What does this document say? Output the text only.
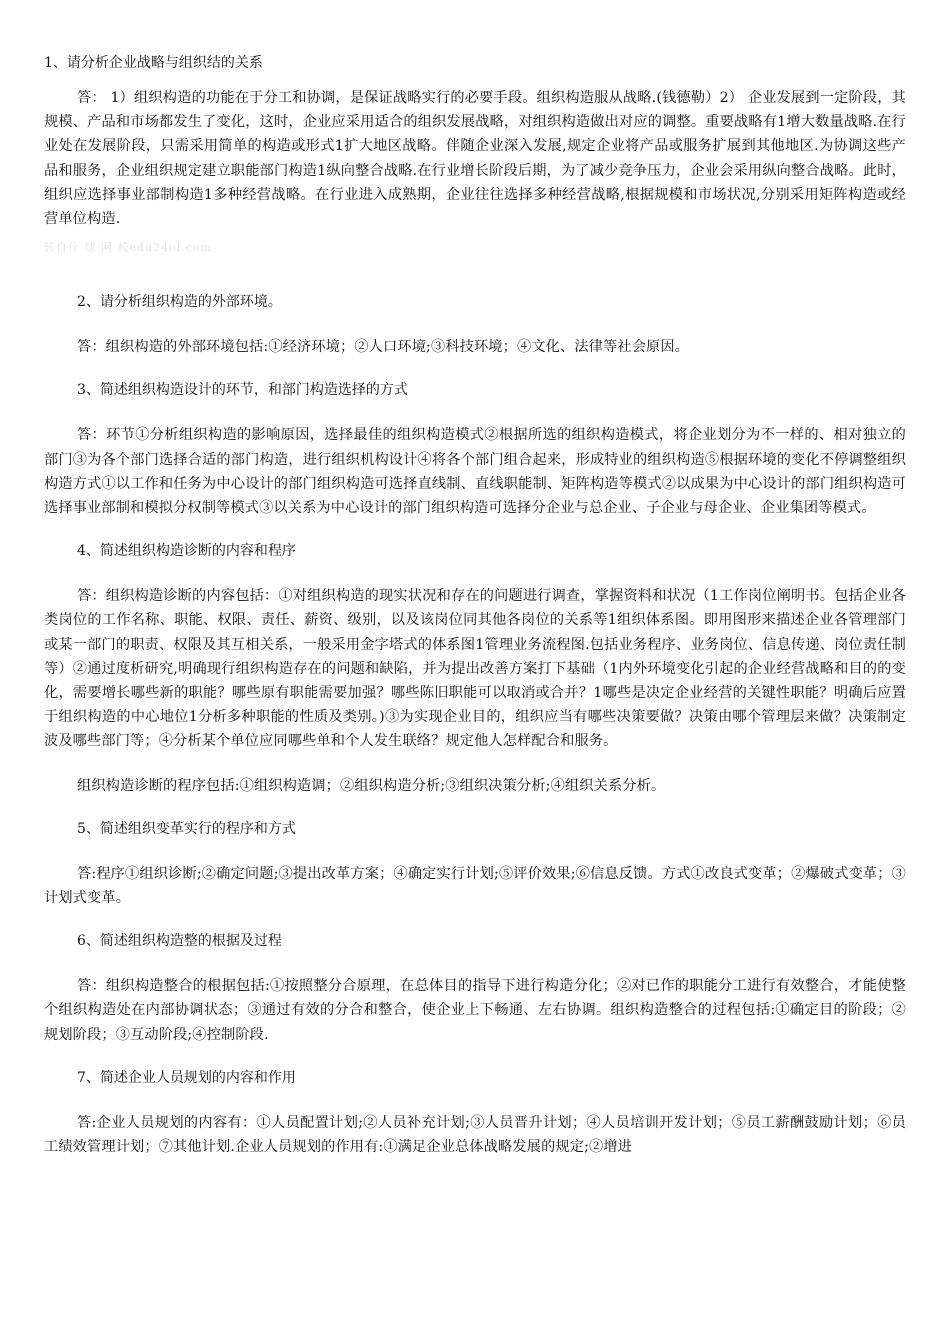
1、请分析企业战略与组织结的关系

答： 1）组织构造的功能在于分工和协调，是保证战略实行的必要手段。组织构造服从战略.(钱德勒）2） 企业发展到一定阶段，其规模、产品和市场都发生了变化，这时，企业应采用适合的组织发展战略，对组织构造做出对应的调整。重要战略有1增大数量战略.在行业处在发展阶段，只需采用简单的构造或形式1扩大地区战略。伴随企业深入发展,规定企业将产品或服务扩展到其他地区.为协调这些产品和服务，企业组织规定建立职能部门构造1纵向整合战略.在行业增长阶段后期，为了减少竞争压力，企业会采用纵向整合战略。此时，组织应选择事业部制构造1多种经营战略。在行业进入成熟期，企业往往选择多种经营战略,根据规模和市场状况,分别采用矩阵构造或经营单位构造.

转自什 球 网 校edu24ol.com
2、请分析组织构造的外部环境。

答：组织构造的外部环境包括:①经济环境；②人口环境;③科技环境；④文化、法律等社会原因。

3、简述组织构造设计的环节，和部门构造选择的方式

答：环节①分析组织构造的影响原因，选择最佳的组织构造模式②根据所选的组织构造模式，将企业划分为不一样的、相对独立的部门③为各个部门选择合适的部门构造，进行组织机构设计④将各个部门组合起来，形成特业的组织构造⑤根据环境的变化不停调整组织构造方式①以工作和任务为中心设计的部门组织构造可选择直线制、直线职能制、矩阵构造等模式②以成果为中心设计的部门组织构造可选择事业部制和模拟分权制等模式③以关系为中心设计的部门组织构造可选择分企业与总企业、子企业与母企业、企业集团等模式。

4、简述组织构造诊断的内容和程序

答：组织构造诊断的内容包括：①对组织构造的现实状况和存在的问题进行调查，掌握资料和状况（1工作岗位阐明书。包括企业各类岗位的工作名称、职能、权限、责任、薪资、级别，以及该岗位同其他各岗位的关系等1组织体系图。即用图形来描述企业各管理部门或某一部门的职责、权限及其互相关系，一般采用金字塔式的体系图1管理业务流程图.包括业务程序、业务岗位、信息传递、岗位责任制等）②通过度析研究,明确现行组织构造存在的问题和缺陷，并为提出改善方案打下基础（1内外环境变化引起的企业经营战略和目的的变化，需要增长哪些新的职能？哪些原有职能需要加强？哪些陈旧职能可以取消或合并？1哪些是决定企业经营的关键性职能？明确后应置于组织构造的中心地位1分析多种职能的性质及类别。)③为实现企业目的，组织应当有哪些决策要做？决策由哪个管理层来做？决策制定波及哪些部门等；④分析某个单位应同哪些单和个人发生联络？规定他人怎样配合和服务。

组织构造诊断的程序包括:①组织构造调；②组织构造分析;③组织决策分析;④组织关系分析。

5、简述组织变革实行的程序和方式

答:程序①组织诊断;②确定问题;③提出改革方案；④确定实行计划;⑤评价效果;⑥信息反馈。方式①改良式变革；②爆破式变革；③计划式变革。

6、简述组织构造整的根据及过程

答：组织构造整合的根据包括:①按照整分合原理，在总体目的指导下进行构造分化；②对已作的职能分工进行有效整合，才能使整个组织构造处在内部协调状态；③通过有效的分合和整合，使企业上下畅通、左右协调。组织构造整合的过程包括:①确定目的阶段；②规划阶段；③互动阶段;④控制阶段.

7、简述企业人员规划的内容和作用

答:企业人员规划的内容有：①人员配置计划;②人员补充计划;③人员晋升计划；④人员培训开发计划；⑤员工薪酬鼓励计划；⑥员工绩效管理计划；⑦其他计划.企业人员规划的作用有:①满足企业总体战略发展的规定;②增进
